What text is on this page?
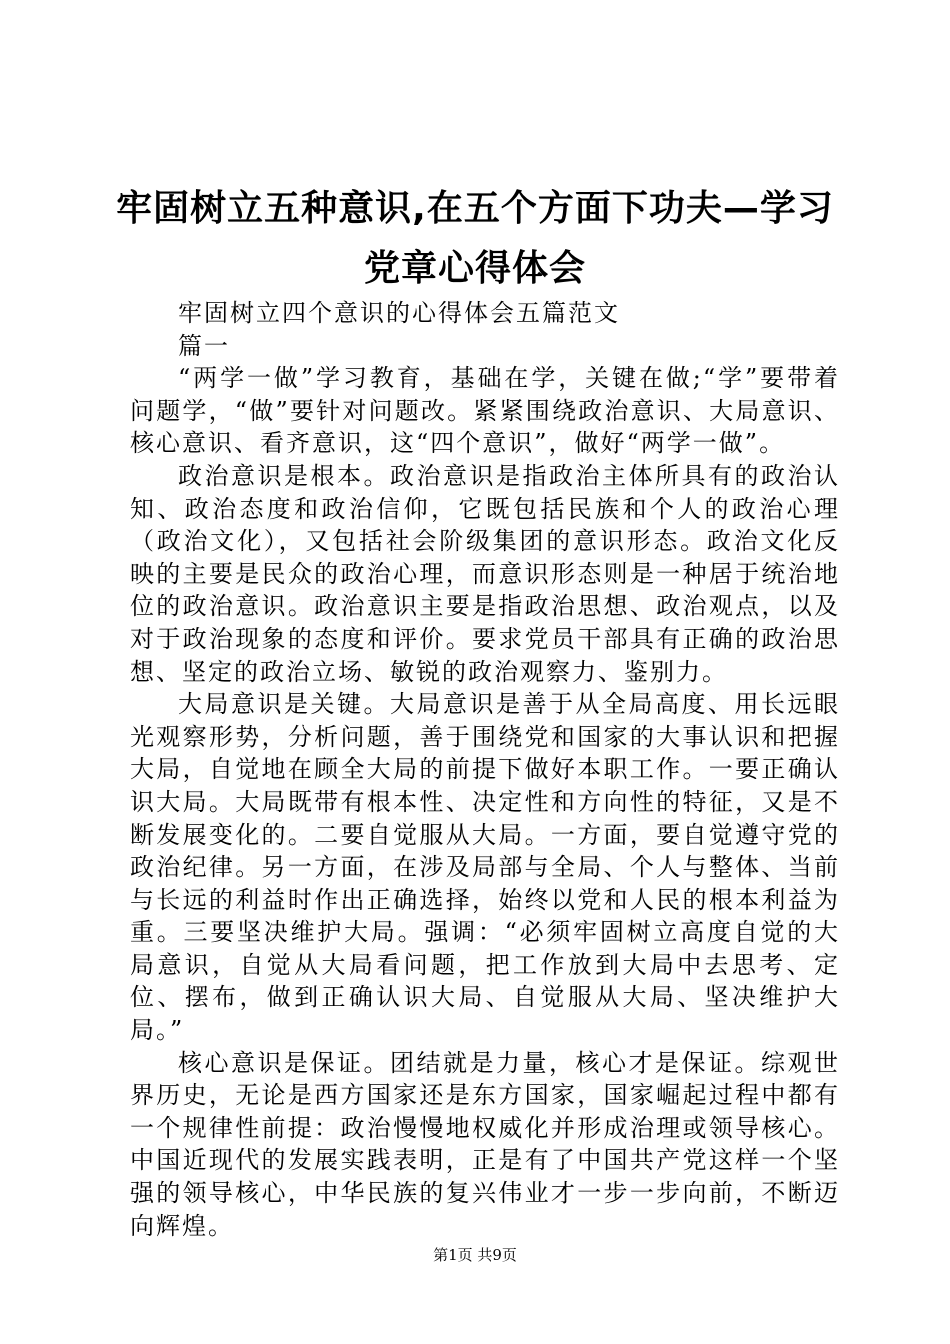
牢固树立五种意识,在五个方面下功夫—学习
党章心得体会

牢固树立四个意识的心得体会五篇范文

篇一

“两学一做”学习教育，基础在学，关键在做;“学”要带着问题学，“做”要针对问题改。紧紧围绕政治意识、大局意识、核心意识、看齐意识，这“四个意识”，做好“两学一做”。

政治意识是根本。政治意识是指政治主体所具有的政治认知、政治态度和政治信仰，它既包括民族和个人的政治心理（政治文化），又包括社会阶级集团的意识形态。政治文化反映的主要是民众的政治心理，而意识形态则是一种居于统治地位的政治意识。政治意识主要是指政治思想、政治观点，以及对于政治现象的态度和评价。要求党员干部具有正确的政治思想、坚定的政治立场、敏锐的政治观察力、鉴别力。

大局意识是关键。大局意识是善于从全局高度、用长远眼光观察形势，分析问题，善于围绕党和国家的大事认识和把握大局，自觉地在顾全大局的前提下做好本职工作。一要正确认识大局。大局既带有根本性、决定性和方向性的特征，又是不断发展变化的。二要自觉服从大局。一方面，要自觉遵守党的政治纪律。另一方面，在涉及局部与全局、个人与整体、当前与长远的利益时作出正确选择，始终以党和人民的根本利益为重。三要坚决维护大局。强调：“必须牢固树立高度自觉的大局意识，自觉从大局看问题，把工作放到大局中去思考、定位、摆布，做到正确认识大局、自觉服从大局、坚决维护大局。”

核心意识是保证。团结就是力量，核心才是保证。综观世界历史，无论是西方国家还是东方国家，国家崛起过程中都有一个规律性前提：政治慢慢地权威化并形成治理或领导核心。中国近现代的发展实践表明，正是有了中国共产党这样一个坚强的领导核心，中华民族的复兴伟业才一步一步向前，不断迈向辉煌。

第1页 共9页
